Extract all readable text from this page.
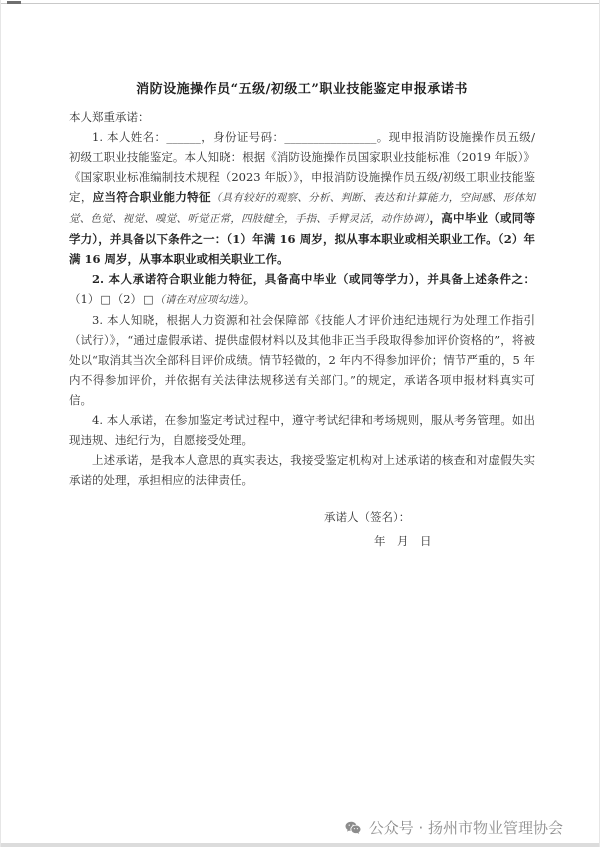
消防设施操作员“五级/初级工”职业技能鉴定申报承诺书

本人郑重承诺：

1. 本人姓名：______，身份证号码：________________。现申报消防设施操作员五级/初级工职业技能鉴定。本人知晓：根据《消防设施操作员国家职业技能标准（2019 年版）》《国家职业标准编制技术规程（2023 年版）》，申报消防设施操作员五级/初级工职业技能鉴定，应当符合职业能力特征（具有较好的观察、分析、判断、表达和计算能力，空间感、形体知觉、色觉、视觉、嗅觉、听觉正常，四肢健全，手指、手臂灵活，动作协调），高中毕业（或同等学力），并具备以下条件之一：（1）年满 16 周岁，拟从事本职业或相关职业工作。（2）年满 16 周岁，从事本职业或相关职业工作。

2. 本人承诺符合职业能力特征，具备高中毕业（或同等学力），并具备上述条件之：（1）□（2）□（请在对应项勾选）。

3. 本人知晓，根据人力资源和社会保障部《技能人才评价违纪违规行为处理工作指引（试行）》，“通过虚假承诺、提供虚假材料以及其他非正当手段取得参加评价资格的”，将被处以“取消其当次全部科目评价成绩。情节轻微的，2 年内不得参加评价；情节严重的，5 年内不得参加评价，并依据有关法律法规移送有关部门。”的规定，承诺各项申报材料真实可信。

4. 本人承诺，在参加鉴定考试过程中，遵守考试纪律和考场规则，服从考务管理。如出现违规、违纪行为，自愿接受处理。

上述承诺，是我本人意思的真实表达，我接受鉴定机构对上述承诺的核查和对虚假失实承诺的处理，承担相应的法律责任。

承诺人（签名）：
年　月　日
公众号 · 扬州市物业管理协会
